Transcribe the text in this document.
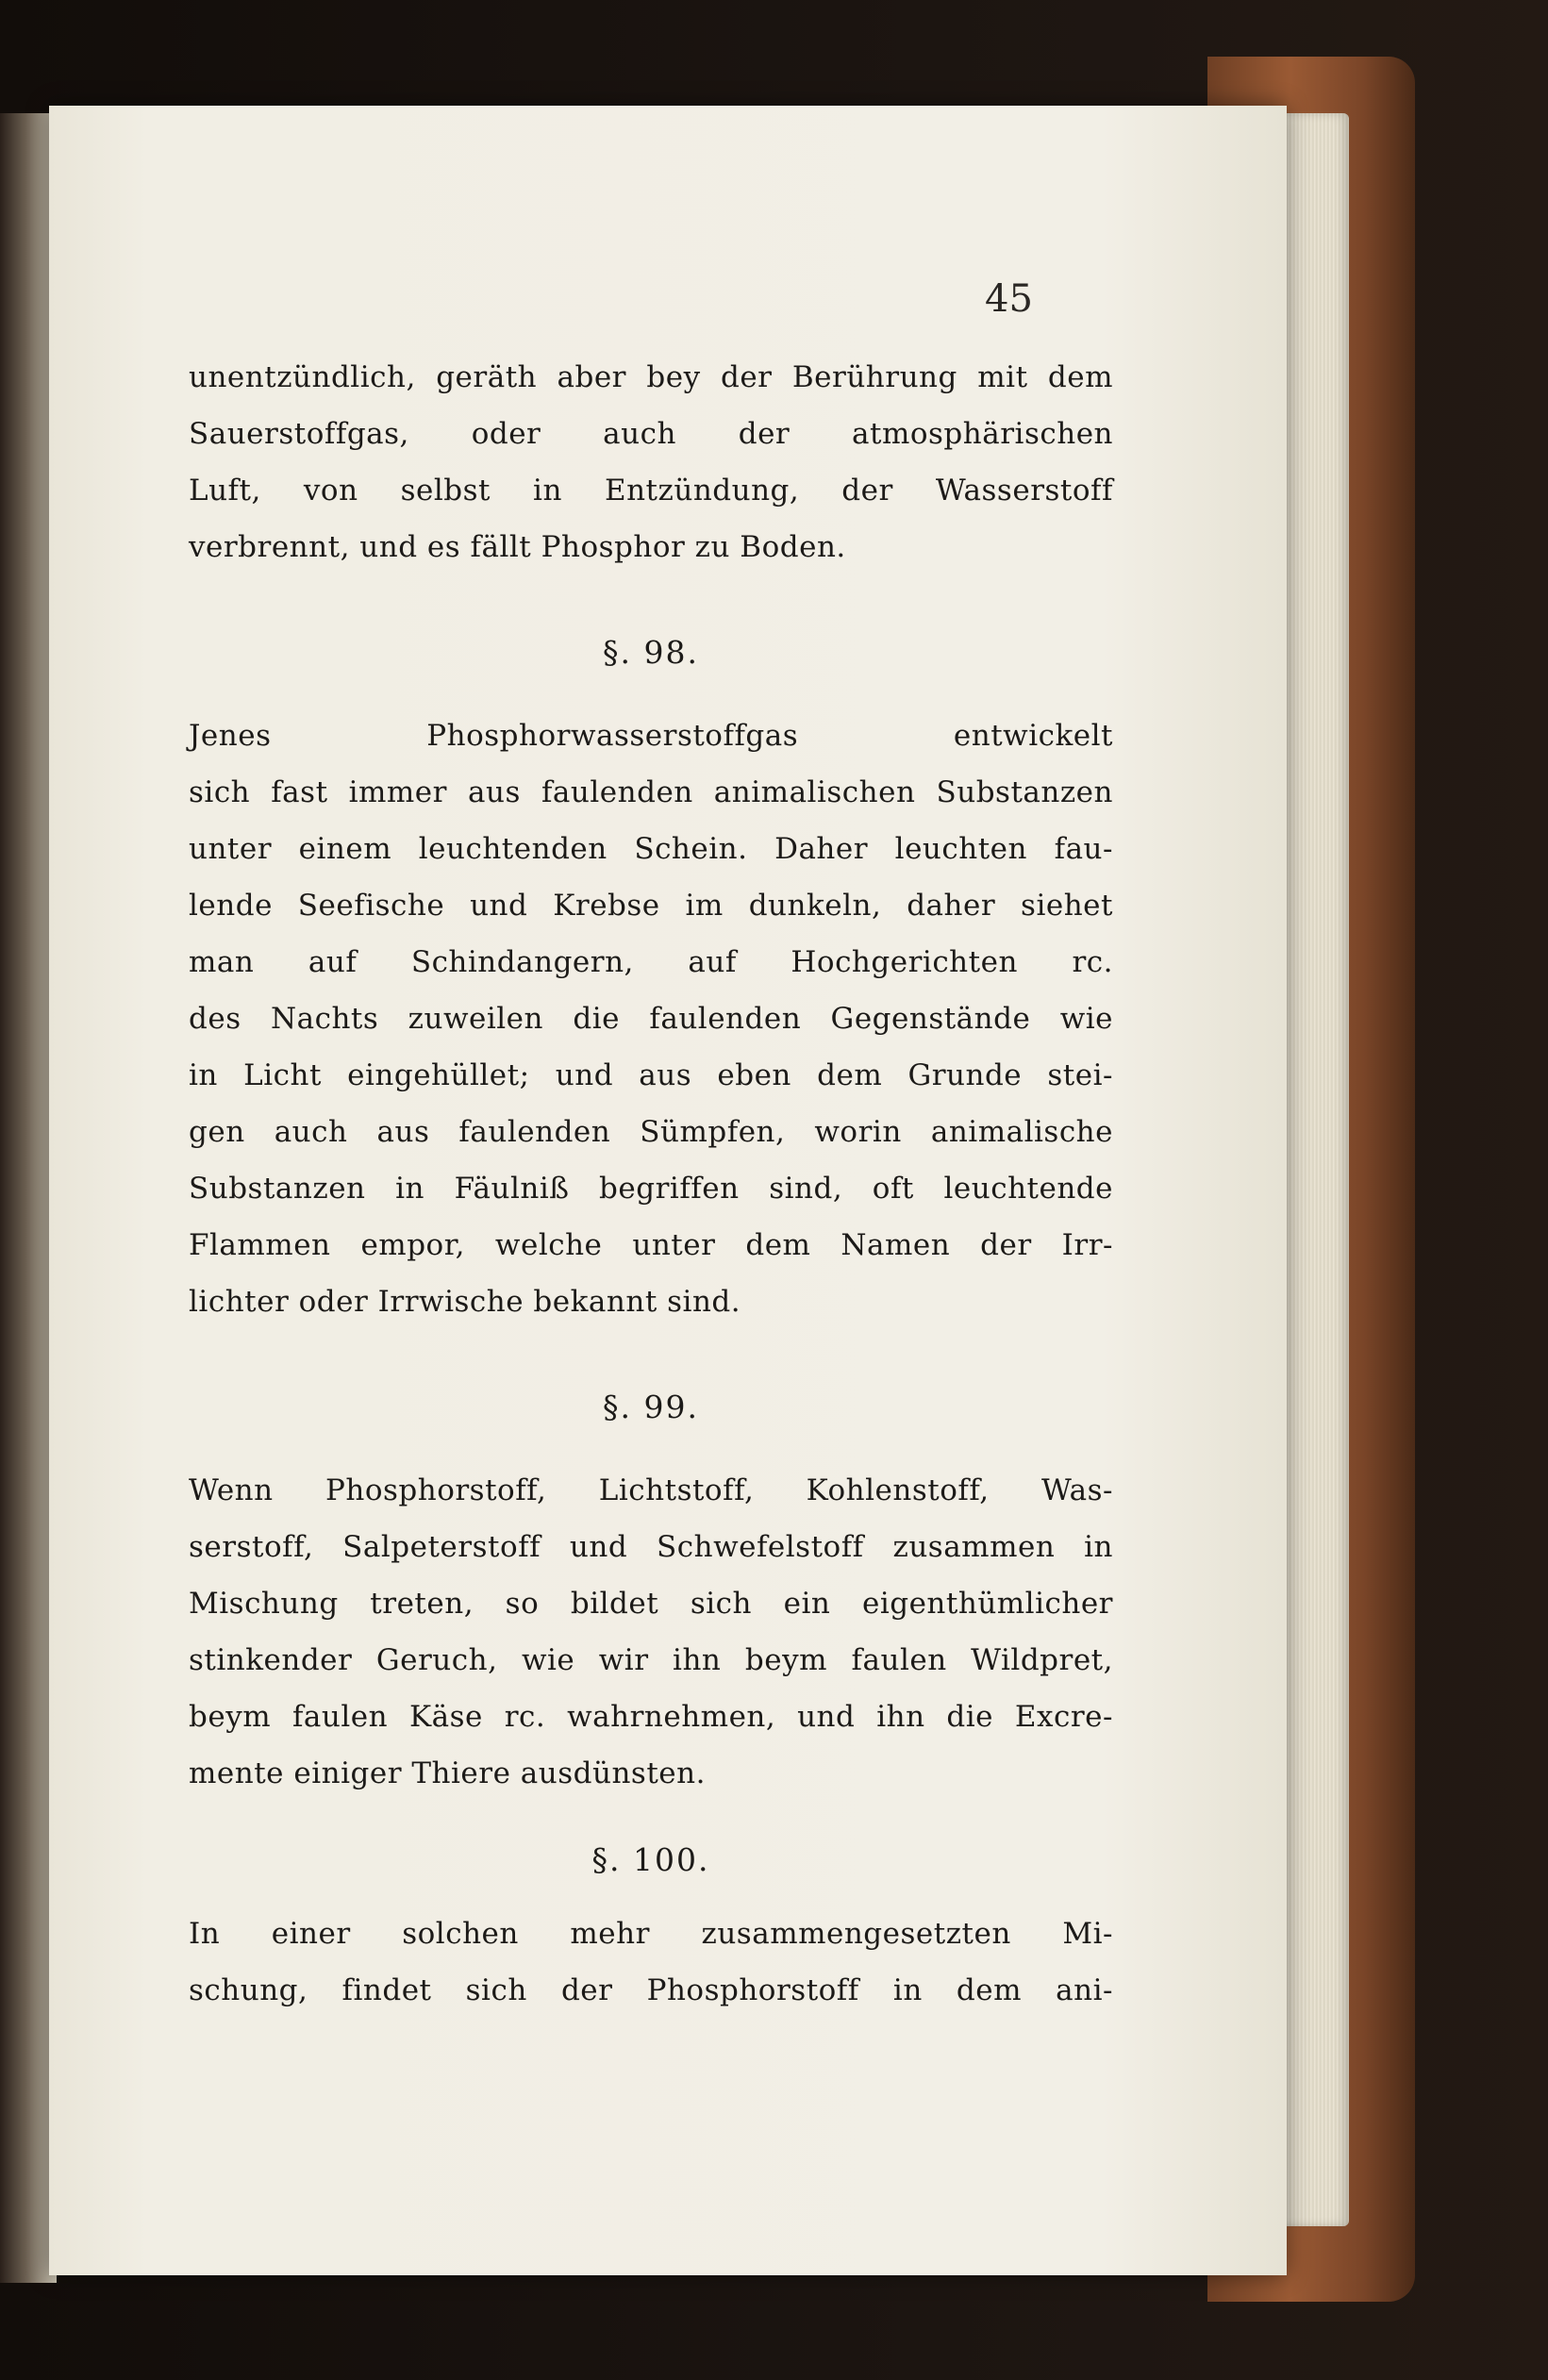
45
unentzündlich, geräth aber bey der Berührung mit dem
Sauerstoffgas, oder auch der atmosphärischen
Luft, von selbst in Entzündung, der Wasserstoff
verbrennt, und es fällt Phosphor zu Boden.
§. 98.
Jenes Phosphorwasserstoffgas entwickelt
sich fast immer aus faulenden animalischen Substanzen
unter einem leuchtenden Schein. Daher leuchten fau-
lende Seefische und Krebse im dunkeln, daher siehet
man auf Schindangern, auf Hochgerichten rc.
des Nachts zuweilen die faulenden Gegenstände wie
in Licht eingehüllet; und aus eben dem Grunde stei-
gen auch aus faulenden Sümpfen, worin animalische
Substanzen in Fäulniß begriffen sind, oft leuchtende
Flammen empor, welche unter dem Namen der Irr-
lichter oder Irrwische bekannt sind.
§. 99.
Wenn Phosphorstoff, Lichtstoff, Kohlenstoff, Was-
serstoff, Salpeterstoff und Schwefelstoff zusammen in
Mischung treten, so bildet sich ein eigenthümlicher
stinkender Geruch, wie wir ihn beym faulen Wildpret,
beym faulen Käse rc. wahrnehmen, und ihn die Excre-
mente einiger Thiere ausdünsten.
§. 100.
In einer solchen mehr zusammengesetzten Mi-
schung, findet sich der Phosphorstoff in dem ani-
